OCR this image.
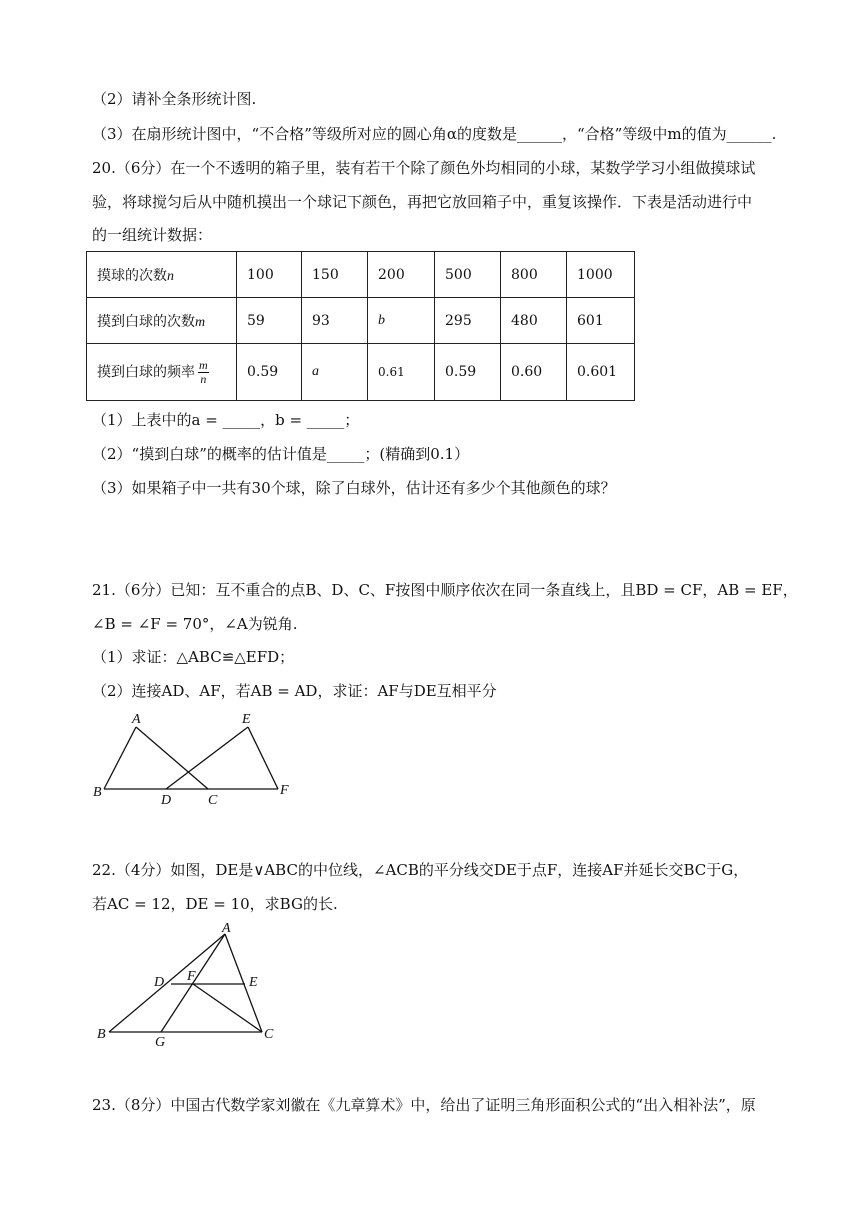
（2）请补全条形统计图.
（3）在扇形统计图中，“不合格”等级所对应的圆心角α的度数是______，“合格”等级中m的值为______.
20.（6分）在一个不透明的箱子里，装有若干个除了颜色外均相同的小球，某数学学习小组做摸球试
验，将球搅匀后从中随机摸出一个球记下颜色，再把它放回箱子中，重复该操作．下表是活动进行中
的一组统计数据：
摸球的次数n	100	150	200	500	800	1000
摸到白球的次数m	59	93	b	295	480	601
摸到白球的频率 $\frac{m}{n}$	0.59	a	0.61	0.59	0.60	0.601
（1）上表中的a = _____，b = _____；
（2）“摸到白球”的概率的估计值是_____；(精确到0.1）
（3）如果箱子中一共有30个球，除了白球外，估计还有多少个其他颜色的球？
21.（6分）已知：互不重合的点B、D、C、F按图中顺序依次在同一条直线上，且BD = CF，AB = EF，
∠B = ∠F = 70°，∠A为锐角.
（1）求证：△ABC≌△EFD；
（2）连接AD、AF，若AB = AD，求证：AF与DE互相平分
A	E
B
D	C
F
22.（4分）如图，DE是∨ABC的中位线，∠ACB的平分线交DE于点F，连接AF并延长交BC于G，
若AC = 12，DE = 10，求BG的长.
A
D F	E
B
G
C
23.（8分）中国古代数学家刘徽在《九章算术》中，给出了证明三角形面积公式的“出入相补法”，原
